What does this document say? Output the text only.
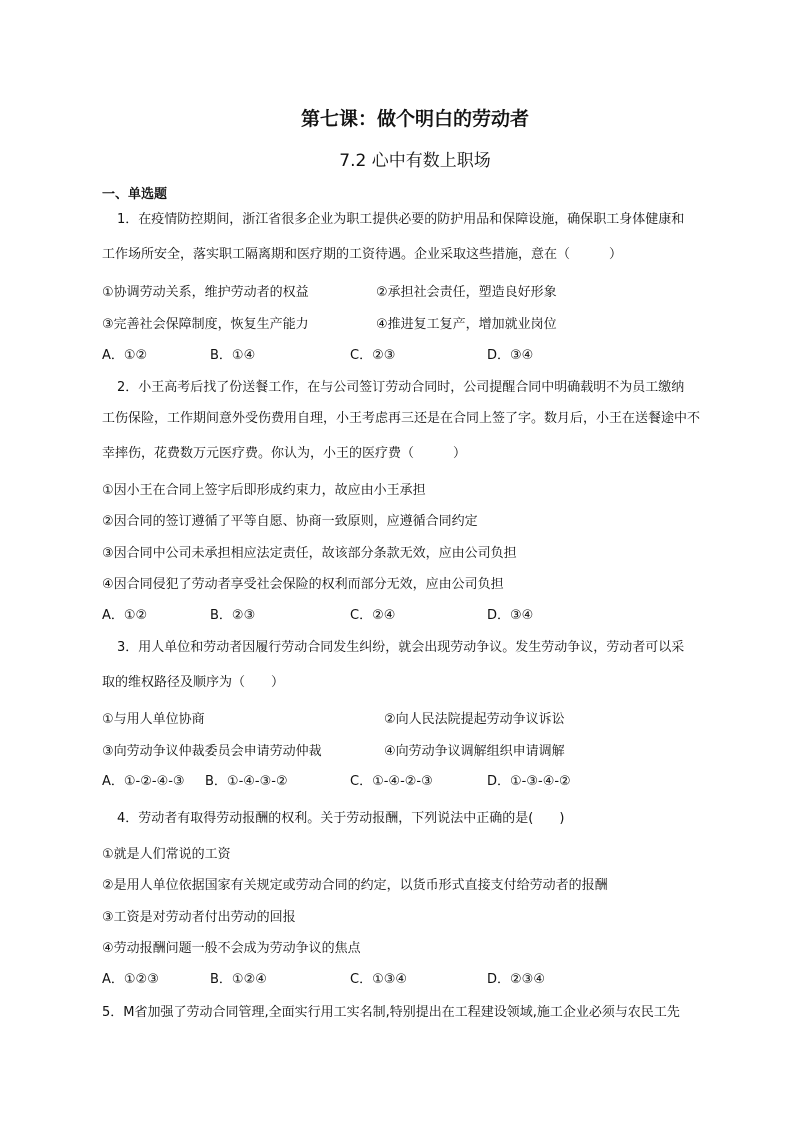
第七课：做个明白的劳动者
7.2 心中有数上职场
一、单选题
1．在疫情防控期间，浙江省很多企业为职工提供必要的防护用品和保障设施，确保职工身体健康和
工作场所安全，落实职工隔离期和医疗期的工资待遇。企业采取这些措施，意在（　　　）
①协调劳动关系，维护劳动者的权益	②承担社会责任，塑造良好形象
③完善社会保障制度，恢复生产能力	④推进复工复产，增加就业岗位
A．①②	B．①④	C．②③	D．③④
2．小王高考后找了份送餐工作，在与公司签订劳动合同时，公司提醒合同中明确载明不为员工缴纳
工伤保险，工作期间意外受伤费用自理，小王考虑再三还是在合同上签了字。数月后，小王在送餐途中不
幸摔伤，花费数万元医疗费。你认为，小王的医疗费（　　　）
①因小王在合同上签字后即形成约束力，故应由小王承担
②因合同的签订遵循了平等自愿、协商一致原则，应遵循合同约定
③因合同中公司未承担相应法定责任，故该部分条款无效，应由公司负担
④因合同侵犯了劳动者享受社会保险的权利而部分无效，应由公司负担
A．①②	B．②③	C．②④	D．③④
3．用人单位和劳动者因履行劳动合同发生纠纷，就会出现劳动争议。发生劳动争议，劳动者可以采
取的维权路径及顺序为（　　）
①与用人单位协商	②向人民法院提起劳动争议诉讼
③向劳动争议仲裁委员会申请劳动仲裁	④向劳动争议调解组织申请调解
A．①-②-④-③ B．①-④-③-②	C．①-④-②-③	D．①-③-④-②
4．劳动者有取得劳动报酬的权利。关于劳动报酬，下列说法中正确的是(　　)
①就是人们常说的工资
②是用人单位依据国家有关规定或劳动合同的约定，以货币形式直接支付给劳动者的报酬
③工资是对劳动者付出劳动的回报
④劳动报酬问题一般不会成为劳动争议的焦点
A．①②③	B．①②④	C．①③④	D．②③④
5．M省加强了劳动合同管理,全面实行用工实名制,特别提出在工程建设领域,施工企业必须与农民工先
